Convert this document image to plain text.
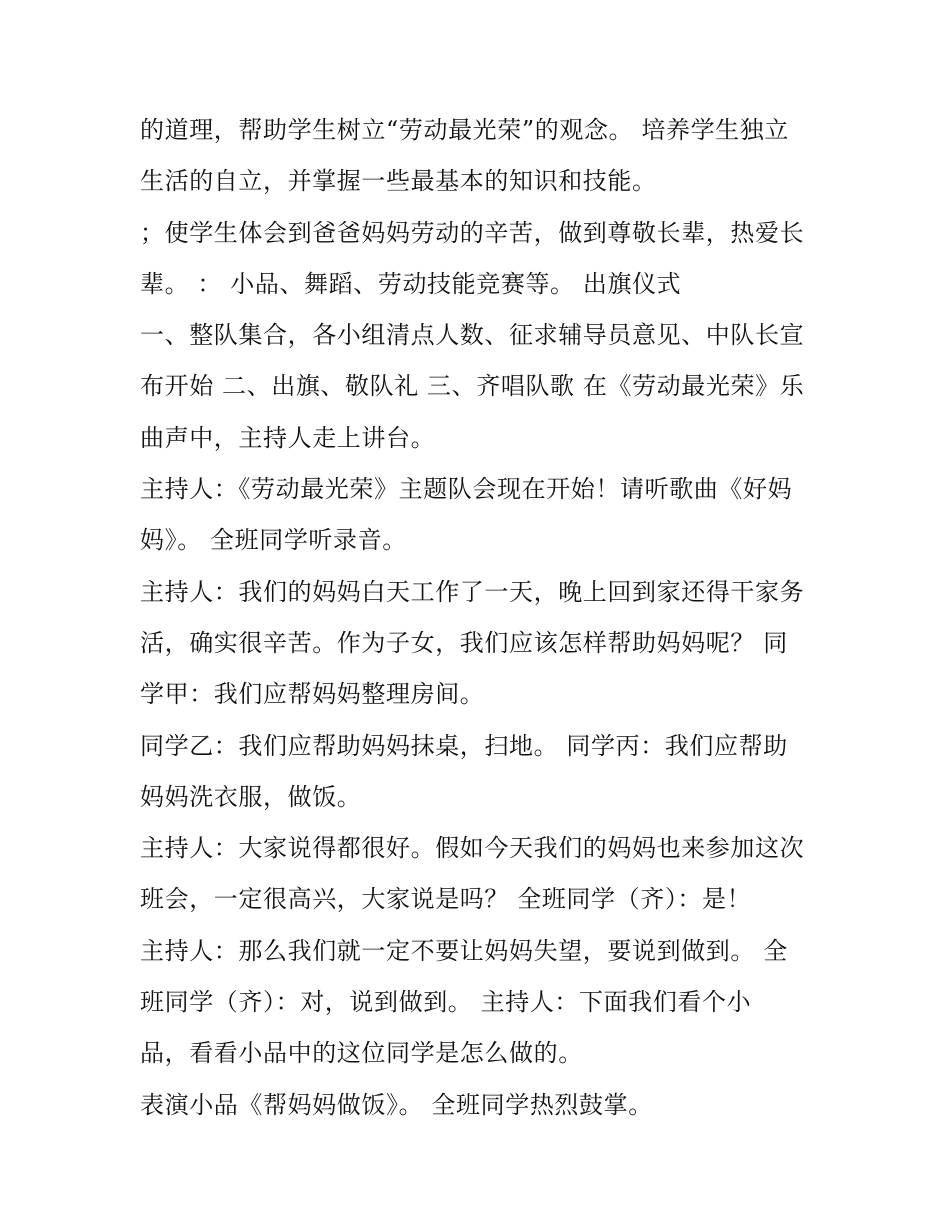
的道理，帮助学生树立“劳动最光荣”的观念。 培养学生独立
生活的自立，并掌握一些最基本的知识和技能。
；使学生体会到爸爸妈妈劳动的辛苦，做到尊敬长辈，热爱长
辈。 ： 小品、舞蹈、劳动技能竞赛等。 出旗仪式
一、整队集合，各小组清点人数、征求辅导员意见、中队长宣
布开始 二、出旗、敬队礼 三、齐唱队歌 在《劳动最光荣》乐
曲声中，主持人走上讲台。
主持人：《劳动最光荣》主题队会现在开始！请听歌曲《好妈
妈》。 全班同学听录音。
主持人：我们的妈妈白天工作了一天，晚上回到家还得干家务
活，确实很辛苦。作为子女，我们应该怎样帮助妈妈呢？ 同
学甲：我们应帮妈妈整理房间。
同学乙：我们应帮助妈妈抹桌，扫地。 同学丙：我们应帮助
妈妈洗衣服，做饭。
主持人：大家说得都很好。假如今天我们的妈妈也来参加这次
班会，一定很高兴，大家说是吗？ 全班同学（齐）：是！
主持人：那么我们就一定不要让妈妈失望，要说到做到。 全
班同学（齐）：对，说到做到。 主持人：下面我们看个小
品，看看小品中的这位同学是怎么做的。
表演小品《帮妈妈做饭》。 全班同学热烈鼓掌。
